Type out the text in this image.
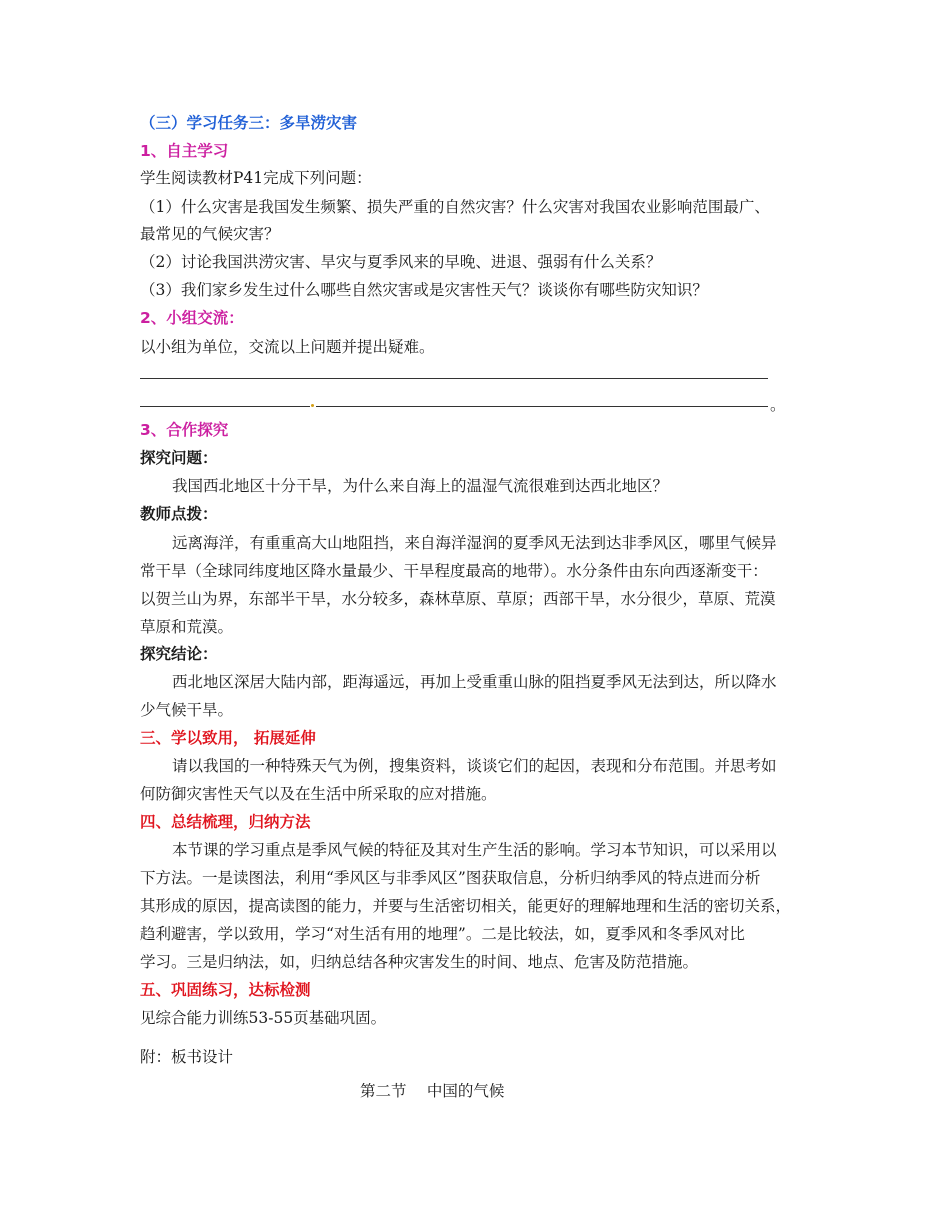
（三）学习任务三：多旱涝灾害
1、自主学习
学生阅读教材P41完成下列问题：
（1）什么灾害是我国发生频繁、损失严重的自然灾害？什么灾害对我国农业影响范围最广、
最常见的气候灾害？
（2）讨论我国洪涝灾害、旱灾与夏季风来的早晚、进退、强弱有什么关系？
（3）我们家乡发生过什么哪些自然灾害或是灾害性天气？谈谈你有哪些防灾知识？
2、小组交流：
以小组为单位，交流以上问题并提出疑难。
。
3、合作探究
探究问题：
我国西北地区十分干旱，为什么来自海上的温湿气流很难到达西北地区？
教师点拨：
远离海洋，有重重高大山地阻挡，来自海洋湿润的夏季风无法到达非季风区，哪里气候异
常干旱（全球同纬度地区降水量最少、干旱程度最高的地带）。水分条件由东向西逐渐变干：
以贺兰山为界，东部半干旱，水分较多，森林草原、草原；西部干旱，水分很少，草原、荒漠
草原和荒漠。
探究结论：
西北地区深居大陆内部，距海遥远，再加上受重重山脉的阻挡夏季风无法到达，所以降水
少气候干旱。
三、学以致用， 拓展延伸
请以我国的一种特殊天气为例，搜集资料，谈谈它们的起因，表现和分布范围。并思考如
何防御灾害性天气以及在生活中所采取的应对措施。
四、总结梳理，归纳方法
本节课的学习重点是季风气候的特征及其对生产生活的影响。学习本节知识，可以采用以
下方法。一是读图法，利用“季风区与非季风区”图获取信息，分析归纳季风的特点进而分析
其形成的原因，提高读图的能力，并要与生活密切相关，能更好的理解地理和生活的密切关系，
趋利避害，学以致用，学习“对生活有用的地理”。二是比较法，如，夏季风和冬季风对比
学习。三是归纳法，如，归纳总结各种灾害发生的时间、地点、危害及防范措施。
五、巩固练习，达标检测
见综合能力训练53-55页基础巩固。
附：板书设计
第二节　 中国的气候
